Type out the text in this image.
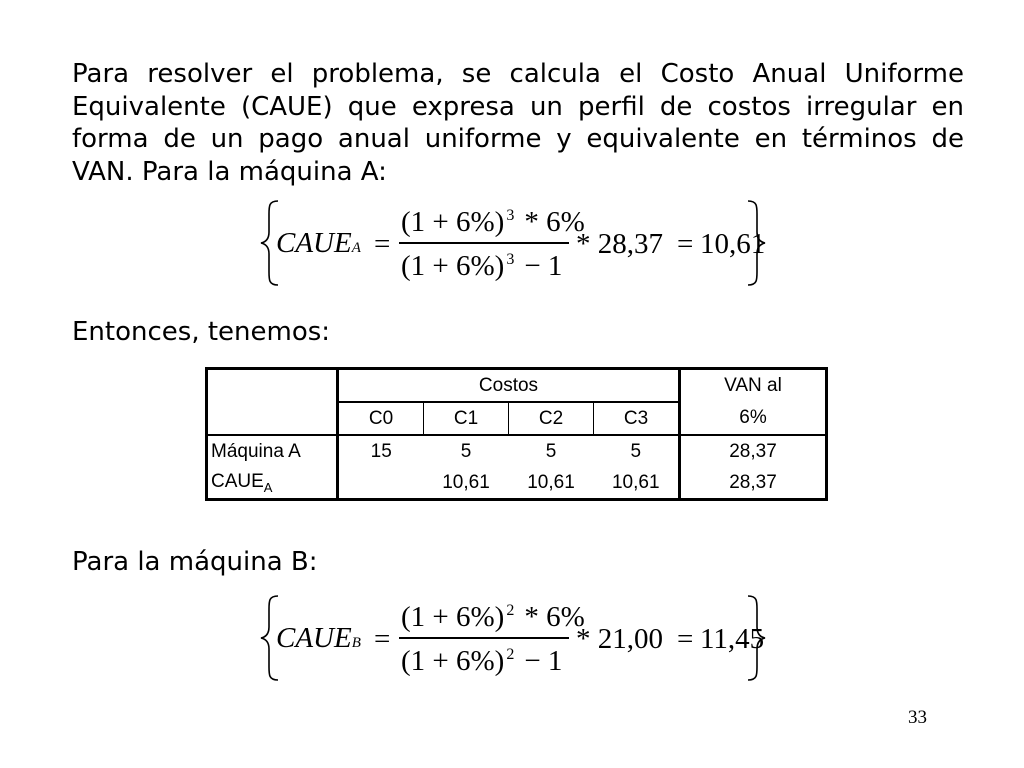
Para resolver el problema, se calcula el Costo Anual Uniforme Equivalente (CAUE) que expresa un perfil de costos irregular en forma de un pago anual uniforme y equivalente en términos de VAN. Para la máquina A:

CAUEA =
(1 + 6%) $^3$ * 6%
(1 + 6%) $^3$ − 1
* 28,37 = 10,61

Entonces, tenemos:

	Costos				VAN al
	C0	C1	C2	C3	6%
Máquina A	15	5	5	5	28,37
$CAUE_A$		10,61	10,61	10,61	28,37

Para la máquina B:

CAUEB =
(1 + 6%) $^2$ * 6%
(1 + 6%) $^2$ − 1
* 21,00 = 11,45
33
